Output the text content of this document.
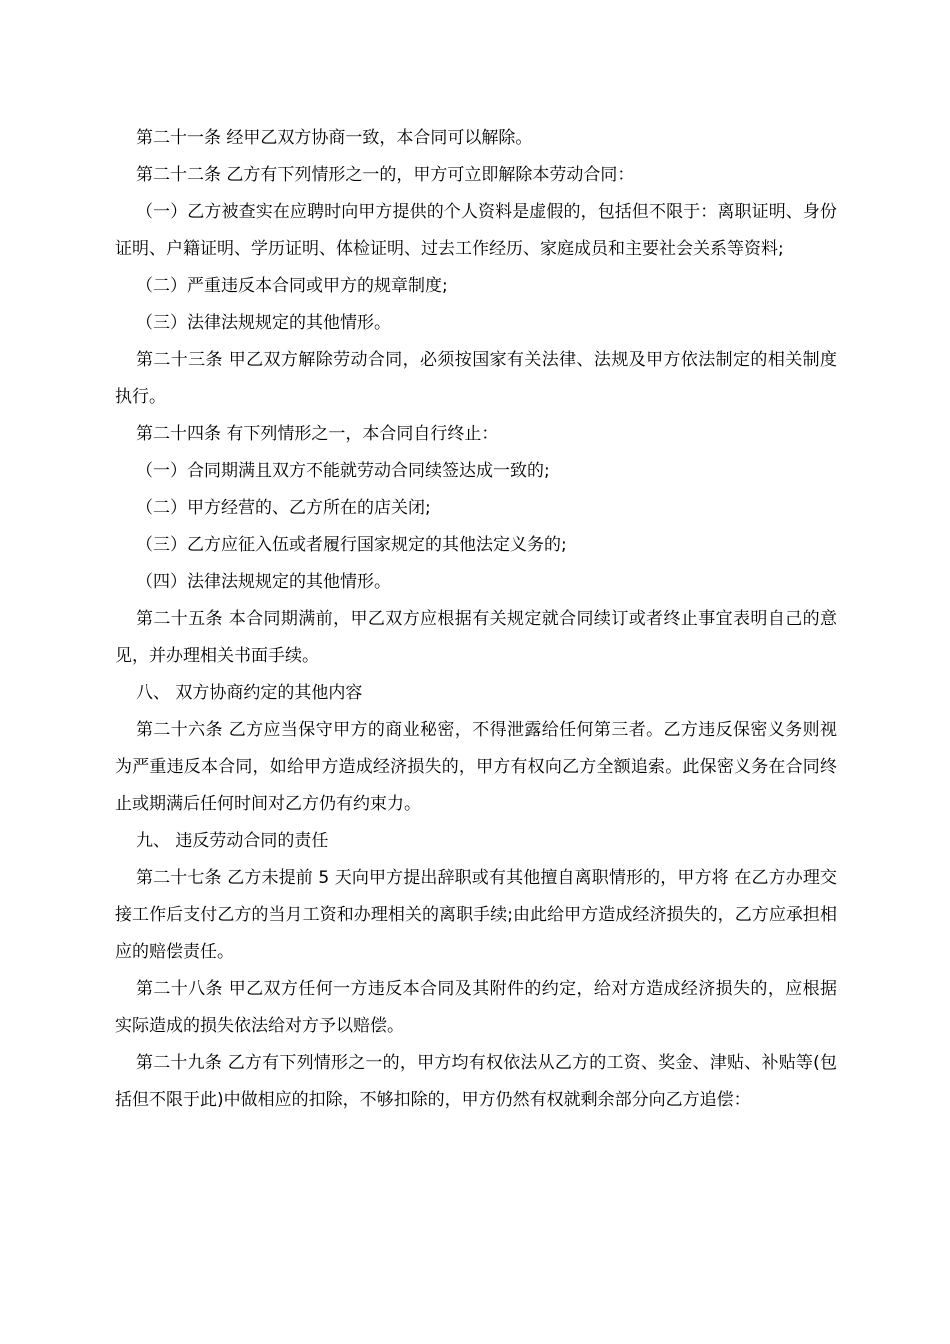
第二十一条 经甲乙双方协商一致，本合同可以解除。

第二十二条 乙方有下列情形之一的，甲方可立即解除本劳动合同：

（一）乙方被查实在应聘时向甲方提供的个人资料是虚假的，包括但不限于：离职证明、身份证明、户籍证明、学历证明、体检证明、过去工作经历、家庭成员和主要社会关系等资料;

（二）严重违反本合同或甲方的规章制度;

（三）法律法规规定的其他情形。

第二十三条 甲乙双方解除劳动合同，必须按国家有关法律、法规及甲方依法制定的相关制度执行。

第二十四条 有下列情形之一，本合同自行终止：

（一）合同期满且双方不能就劳动合同续签达成一致的;

（二）甲方经营的、乙方所在的店关闭;

（三）乙方应征入伍或者履行国家规定的其他法定义务的;

（四）法律法规规定的其他情形。

第二十五条 本合同期满前，甲乙双方应根据有关规定就合同续订或者终止事宜表明自己的意见，并办理相关书面手续。

八、 双方协商约定的其他内容

第二十六条 乙方应当保守甲方的商业秘密，不得泄露给任何第三者。乙方违反保密义务则视为严重违反本合同，如给甲方造成经济损失的，甲方有权向乙方全额追索。此保密义务在合同终止或期满后任何时间对乙方仍有约束力。

九、 违反劳动合同的责任

第二十七条 乙方未提前 5 天向甲方提出辞职或有其他擅自离职情形的，甲方将 在乙方办理交接工作后支付乙方的当月工资和办理相关的离职手续;由此给甲方造成经济损失的，乙方应承担相应的赔偿责任。

第二十八条 甲乙双方任何一方违反本合同及其附件的约定，给对方造成经济损失的，应根据实际造成的损失依法给对方予以赔偿。

第二十九条 乙方有下列情形之一的，甲方均有权依法从乙方的工资、奖金、津贴、补贴等(包括但不限于此)中做相应的扣除，不够扣除的，甲方仍然有权就剩余部分向乙方追偿：
